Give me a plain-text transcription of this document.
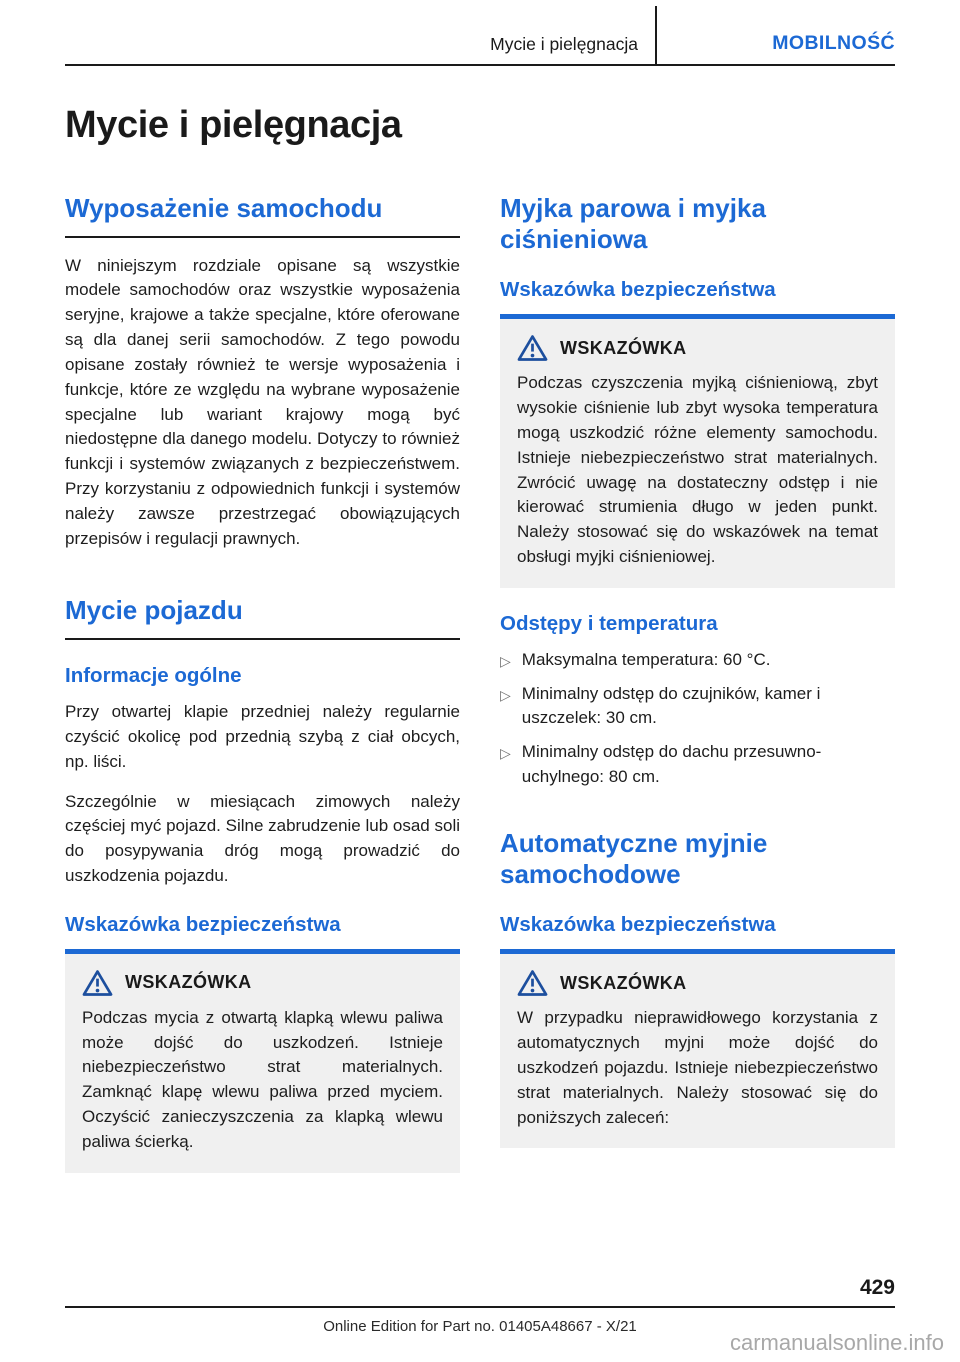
Mycie i pielęgnacja	MOBILNOŚĆ
Mycie i pielęgnacja
Wyposażenie samochodu

W niniejszym rozdziale opisane są wszystkie modele samochodów oraz wszystkie wyposażenia seryjne, krajowe a także specjalne, które oferowane są dla danej serii samochodów. Z tego powodu opisane zostały również te wersje wyposażenia i funkcje, które ze względu na wybrane wyposażenie specjalne lub wariant krajowy mogą być niedostępne dla danego modelu. Dotyczy to również funkcji i systemów związanych z bezpieczeństwem. Przy korzystaniu z odpowiednich funkcji i systemów należy zawsze przestrzegać obowiązujących przepisów i regulacji prawnych.

Mycie pojazdu
Informacje ogólne

Przy otwartej klapie przedniej należy regularnie czyścić okolicę pod przednią szybą z ciał obcych, np. liści.

Szczególnie w miesiącach zimowych należy częściej myć pojazd. Silne zabrudzenie lub osad soli do posypywania dróg mogą prowadzić do uszkodzenia pojazdu.

Wskazówka bezpieczeństwa
WSKAZÓWKA

Podczas mycia z otwartą klapką wlewu paliwa może dojść do uszkodzeń. Istnieje niebezpieczeństwo strat materialnych. Zamknąć klapę wlewu paliwa przed myciem. Oczyścić zanieczyszczenia za klapką wlewu paliwa ścierką.

Myjka parowa i myjka ciśnieniowa
Wskazówka bezpieczeństwa
WSKAZÓWKA

Podczas czyszczenia myjką ciśnieniową, zbyt wysokie ciśnienie lub zbyt wysoka temperatura mogą uszkodzić różne elementy samochodu. Istnieje niebezpieczeństwo strat materialnych. Zwrócić uwagę na dostateczny odstęp i nie kierować strumienia długo w jeden punkt. Należy stosować się do wskazówek na temat obsługi myjki ciśnieniowej.

Odstępy i temperatura
▷ Maksymalna temperatura: 60 °C.
▷ Minimalny odstęp do czujników, kamer i uszczelek: 30 cm.
▷ Minimalny odstęp do dachu przesuwno-uchylnego: 80 cm.
Automatyczne myjnie samochodowe
Wskazówka bezpieczeństwa
WSKAZÓWKA

W przypadku nieprawidłowego korzystania z automatycznych myjni może dojść do uszkodzeń pojazdu. Istnieje niebezpieczeństwo strat materialnych. Należy stosować się do poniższych zaleceń:

429
Online Edition for Part no. 01405A48667 - X/21
carmanualsonline.info
